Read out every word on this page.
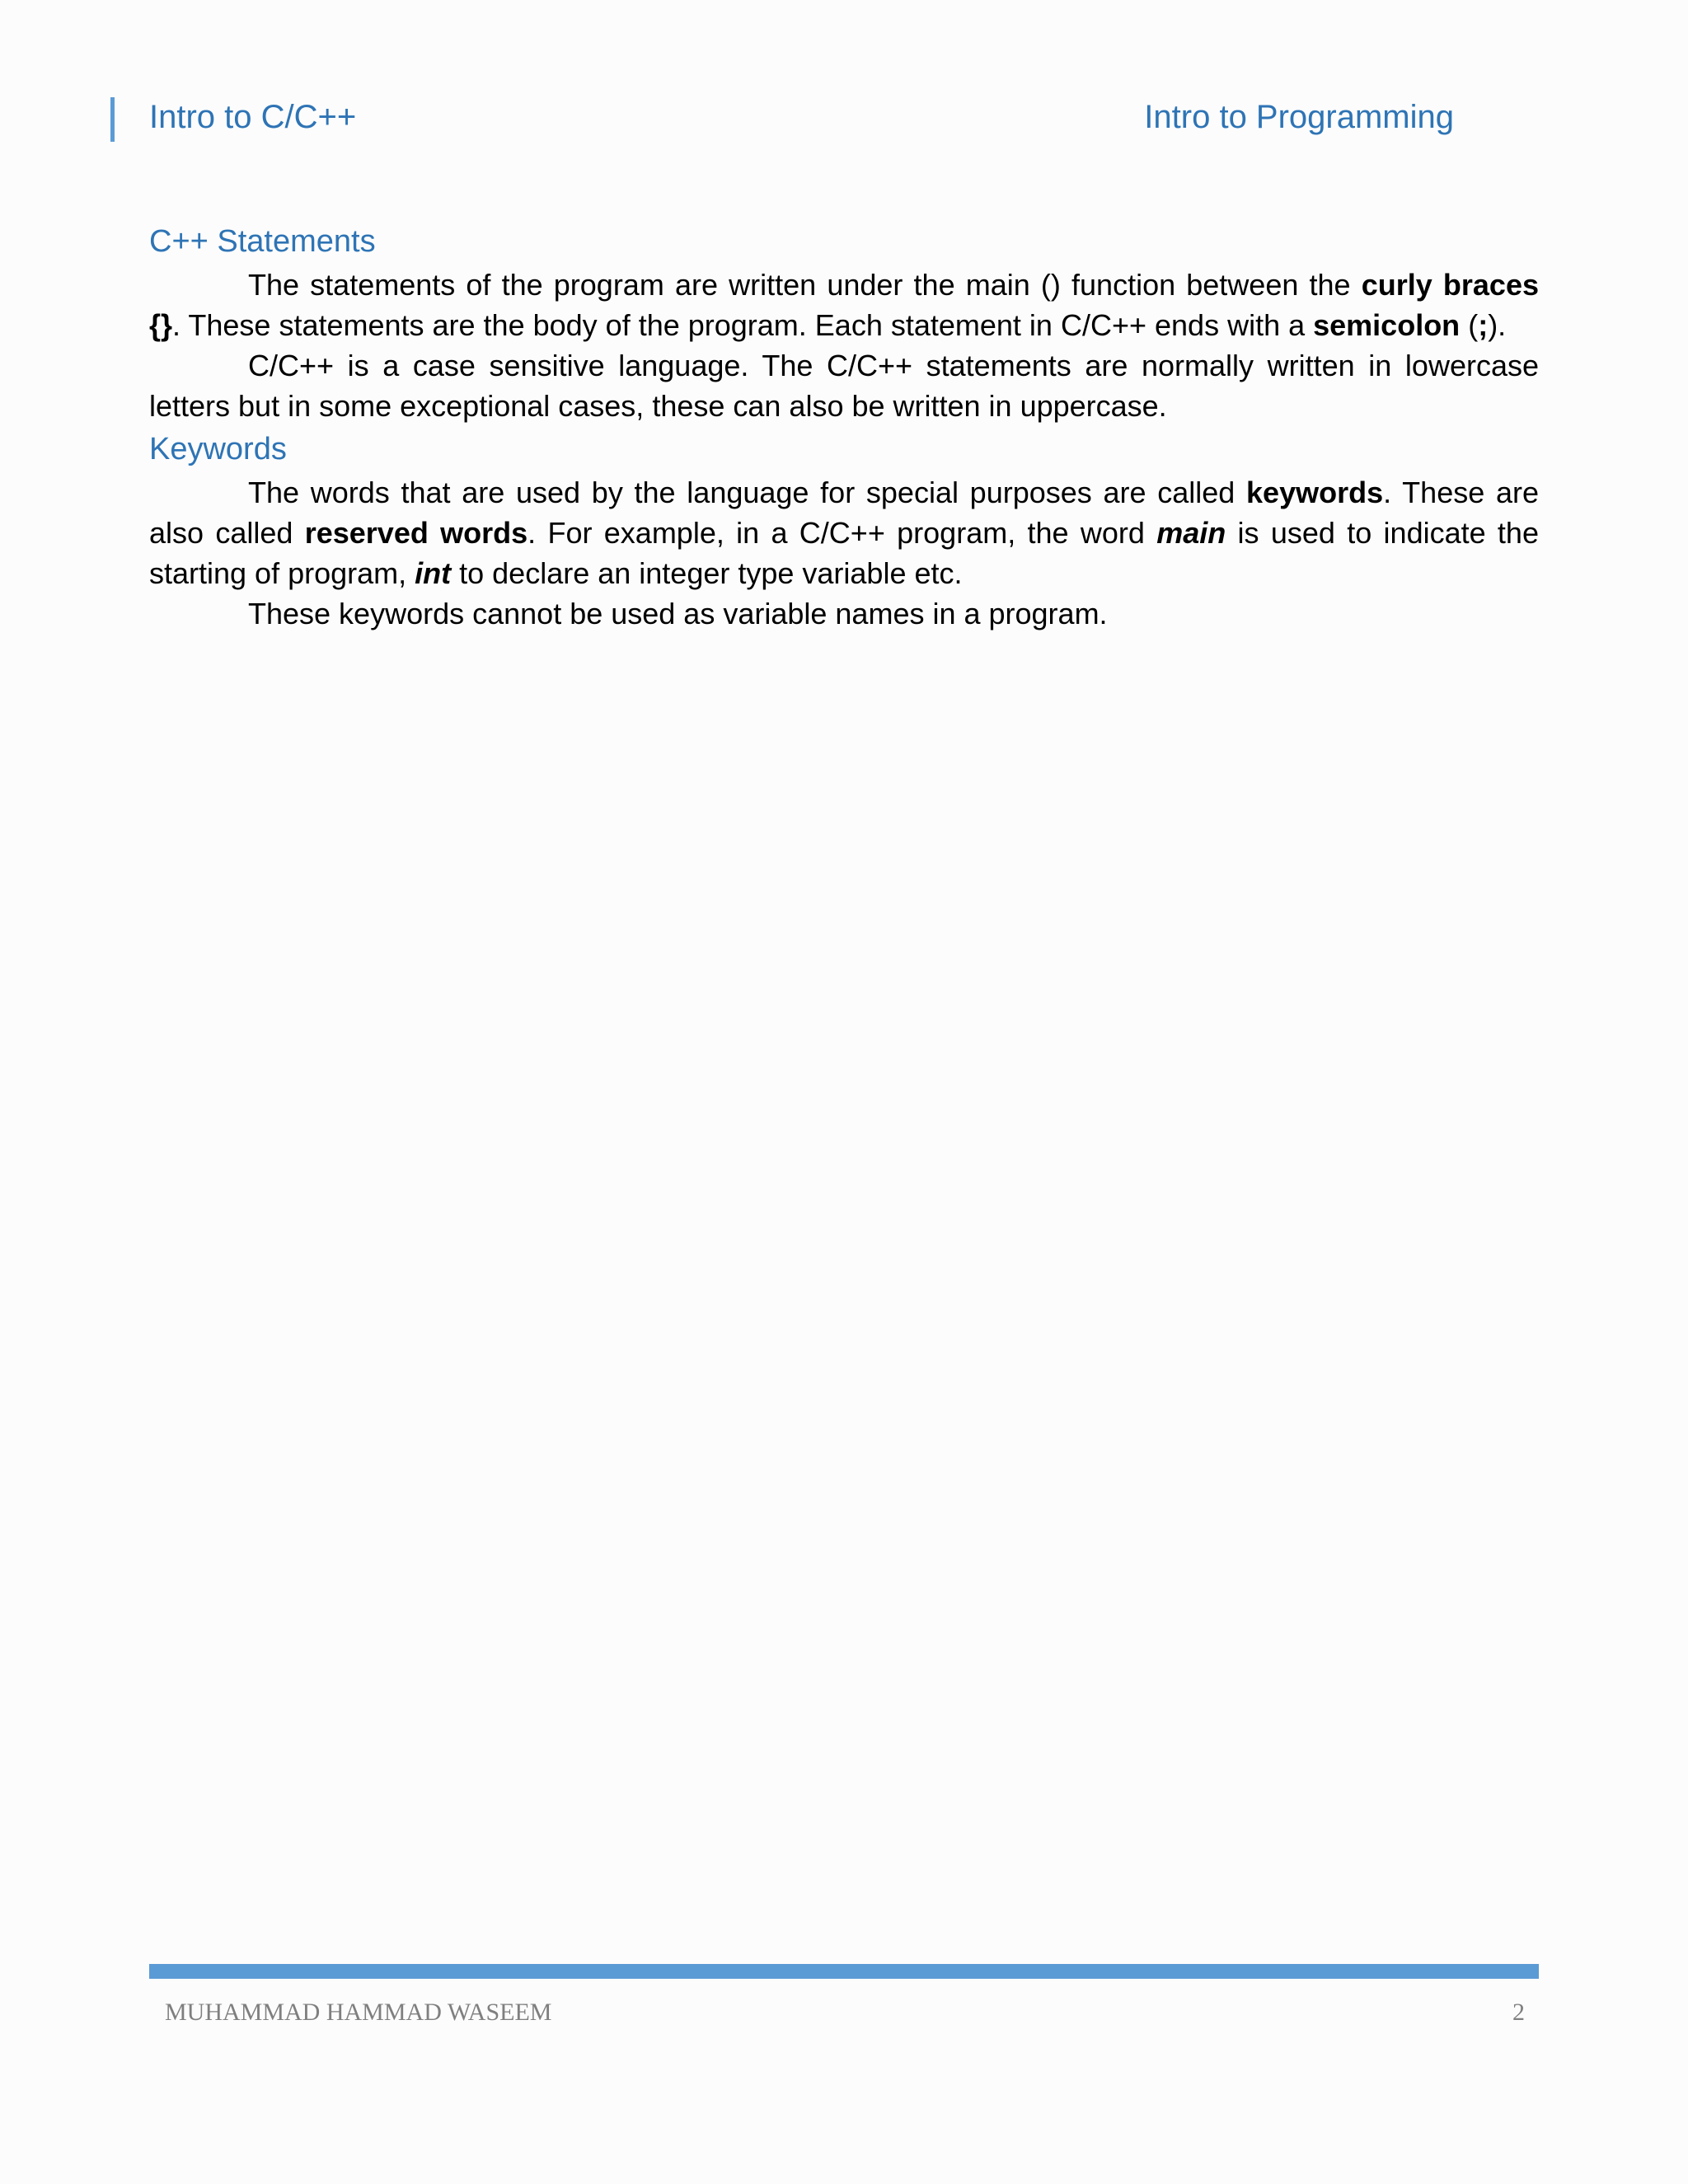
Intro to C/C++	Intro to Programming
C++ Statements

The statements of the program are written under the main () function between the curly braces {}. These statements are the body of the program. Each statement in C/C++ ends with a semicolon (;).

C/C++ is a case sensitive language. The C/C++ statements are normally written in lowercase letters but in some exceptional cases, these can also be written in uppercase.

Keywords

The words that are used by the language for special purposes are called keywords. These are also called reserved words. For example, in a C/C++ program, the word main is used to indicate the starting of program, int to declare an integer type variable etc.

These keywords cannot be used as variable names in a program.

MUHAMMAD HAMMAD WASEEM	2
